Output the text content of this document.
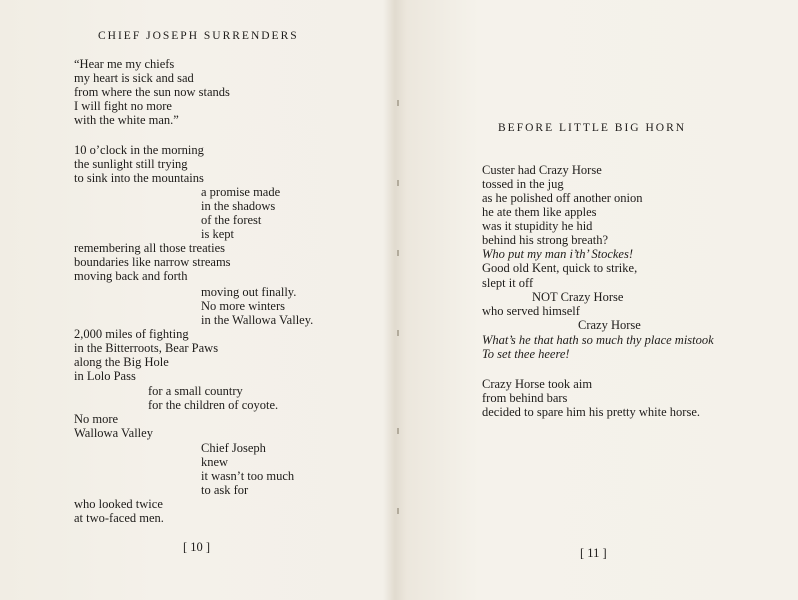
CHIEF JOSEPH SURRENDERS
“Hear me my chiefs
my heart is sick and sad
from where the sun now stands
I will fight no more
with the white man.”
10 o’clock in the morning
the sunlight still trying
to sink into the mountains
a promise made
in the shadows
of the forest
is kept
remembering all those treaties
boundaries like narrow streams
moving back and forth
moving out finally.
No more winters
in the Wallowa Valley.
2,000 miles of fighting
in the Bitterroots, Bear Paws
along the Big Hole
in Lolo Pass
for a small country
for the children of coyote.
No more
Wallowa Valley
Chief Joseph
knew
it wasn’t too much
to ask for
who looked twice
at two-faced men.
[ 10 ]
BEFORE LITTLE BIG HORN
Custer had Crazy Horse
tossed in the jug
as he polished off another onion
he ate them like apples
was it stupidity he hid
behind his strong breath?
Who put my man i’th’ Stockes!
Good old Kent, quick to strike,
slept it off
NOT Crazy Horse
who served himself
Crazy Horse
What’s he that hath so much thy place mistook
To set thee heere!
Crazy Horse took aim
from behind bars
decided to spare him his pretty white horse.
[ 11 ]
